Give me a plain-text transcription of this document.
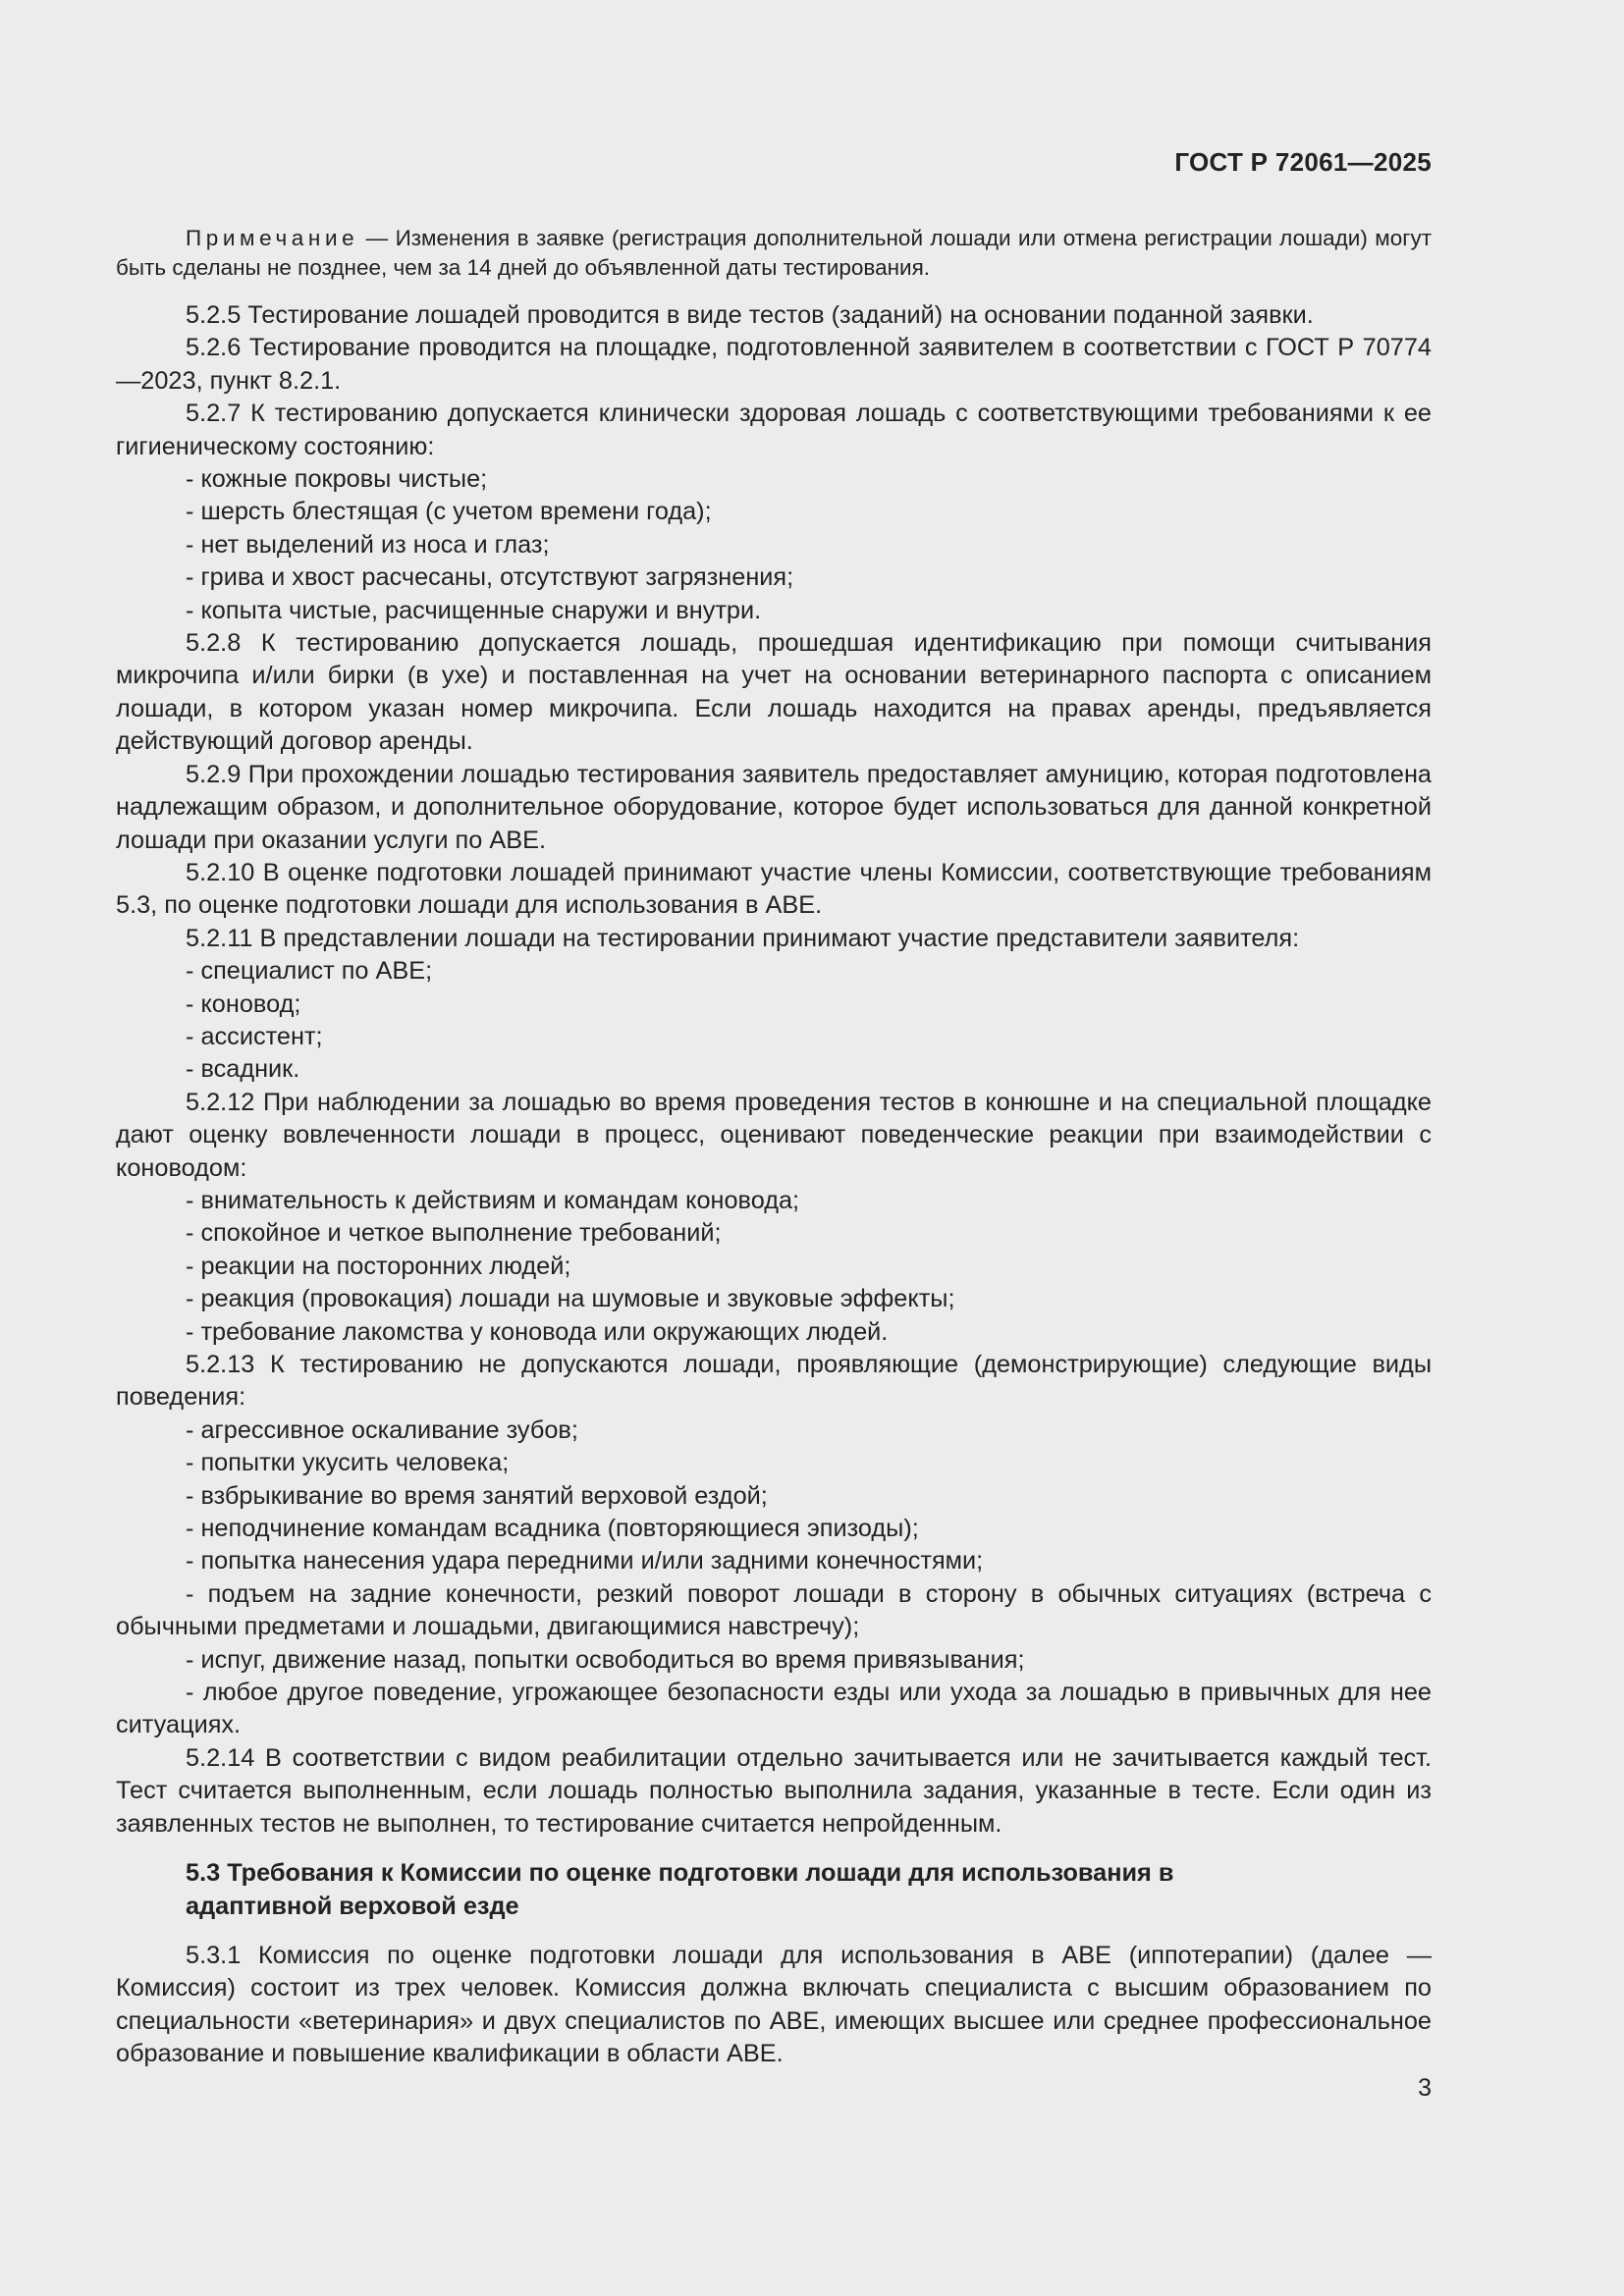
ГОСТ Р 72061—2025

Примечание — Изменения в заявке (регистрация дополнительной лошади или отмена регистрации лошади) могут быть сделаны не позднее, чем за 14 дней до объявленной даты тестирования.

5.2.5 Тестирование лошадей проводится в виде тестов (заданий) на основании поданной заявки.

5.2.6 Тестирование проводится на площадке, подготовленной заявителем в соответствии с ГОСТ Р 70774—2023, пункт 8.2.1.

5.2.7 К тестированию допускается клинически здоровая лошадь с соответствующими требованиями к ее гигиеническому состоянию:

- кожные покровы чистые;

- шерсть блестящая (с учетом времени года);

- нет выделений из носа и глаз;

- грива и хвост расчесаны, отсутствуют загрязнения;

- копыта чистые, расчищенные снаружи и внутри.

5.2.8 К тестированию допускается лошадь, прошедшая идентификацию при помощи считывания микрочипа и/или бирки (в ухе) и поставленная на учет на основании ветеринарного паспорта с описанием лошади, в котором указан номер микрочипа. Если лошадь находится на правах аренды, предъявляется действующий договор аренды.

5.2.9 При прохождении лошадью тестирования заявитель предоставляет амуницию, которая подготовлена надлежащим образом, и дополнительное оборудование, которое будет использоваться для данной конкретной лошади при оказании услуги по АВЕ.

5.2.10 В оценке подготовки лошадей принимают участие члены Комиссии, соответствующие требованиям 5.3, по оценке подготовки лошади для использования в АВЕ.

5.2.11 В представлении лошади на тестировании принимают участие представители заявителя:

- специалист по АВЕ;

- коновод;

- ассистент;

- всадник.

5.2.12 При наблюдении за лошадью во время проведения тестов в конюшне и на специальной площадке дают оценку вовлеченности лошади в процесс, оценивают поведенческие реакции при взаимодействии с коноводом:

- внимательность к действиям и командам коновода;

- спокойное и четкое выполнение требований;

- реакции на посторонних людей;

- реакция (провокация) лошади на шумовые и звуковые эффекты;

- требование лакомства у коновода или окружающих людей.

5.2.13 К тестированию не допускаются лошади, проявляющие (демонстрирующие) следующие виды поведения:

- агрессивное оскаливание зубов;

- попытки укусить человека;

- взбрыкивание во время занятий верховой ездой;

- неподчинение командам всадника (повторяющиеся эпизоды);

- попытка нанесения удара передними и/или задними конечностями;

- подъем на задние конечности, резкий поворот лошади в сторону в обычных ситуациях (встреча с обычными предметами и лошадьми, двигающимися навстречу);

- испуг, движение назад, попытки освободиться во время привязывания;

- любое другое поведение, угрожающее безопасности езды или ухода за лошадью в привычных для нее ситуациях.

5.2.14 В соответствии с видом реабилитации отдельно зачитывается или не зачитывается каждый тест. Тест считается выполненным, если лошадь полностью выполнила задания, указанные в тесте. Если один из заявленных тестов не выполнен, то тестирование считается непройденным.

5.3 Требования к Комиссии по оценке подготовки лошади для использования в адаптивной верховой езде

5.3.1 Комиссия по оценке подготовки лошади для использования в АВЕ (иппотерапии) (далее — Комиссия) состоит из трех человек. Комиссия должна включать специалиста с высшим образованием по специальности «ветеринария» и двух специалистов по АВЕ, имеющих высшее или среднее профессиональное образование и повышение квалификации в области АВЕ.

3
